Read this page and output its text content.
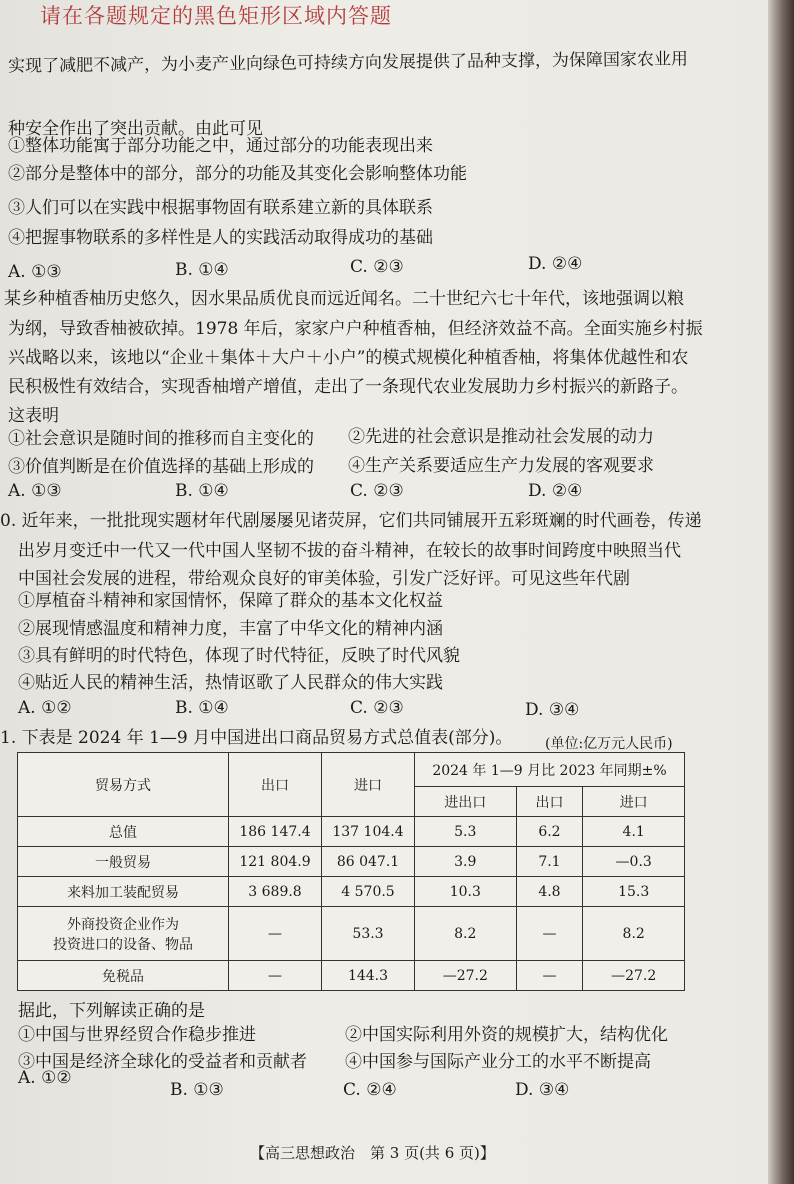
请在各题规定的黑色矩形区域内答题
实现了减肥不减产，为小麦产业向绿色可持续方向发展提供了品种支撑，为保障国家农业用
种安全作出了突出贡献。由此可见
①整体功能寓于部分功能之中，通过部分的功能表现出来
②部分是整体中的部分，部分的功能及其变化会影响整体功能
③人们可以在实践中根据事物固有联系建立新的具体联系
④把握事物联系的多样性是人的实践活动取得成功的基础
A. ①③	B. ①④	C. ②③	D. ②④
某乡种植香柚历史悠久，因水果品质优良而远近闻名。二十世纪六七十年代，该地强调以粮
为纲，导致香柚被砍掉。1978 年后，家家户户种植香柚，但经济效益不高。全面实施乡村振
兴战略以来，该地以“企业＋集体＋大户＋小户”的模式规模化种植香柚，将集体优越性和农
民积极性有效结合，实现香柚增产增值，走出了一条现代农业发展助力乡村振兴的新路子。
这表明
①社会意识是随时间的推移而自主变化的 ②先进的社会意识是推动社会发展的动力
③价值判断是在价值选择的基础上形成的 ④生产关系要适应生产力发展的客观要求
A. ①③	B. ①④	C. ②③	D. ②④
0. 近年来，一批批现实题材年代剧屡屡见诸荧屏，它们共同铺展开五彩斑斓的时代画卷，传递
出岁月变迁中一代又一代中国人坚韧不拔的奋斗精神，在较长的故事时间跨度中映照当代
中国社会发展的进程，带给观众良好的审美体验，引发广泛好评。可见这些年代剧
①厚植奋斗精神和家国情怀，保障了群众的基本文化权益
②展现情感温度和精神力度，丰富了中华文化的精神内涵
③具有鲜明的时代特色，体现了时代特征，反映了时代风貌
④贴近人民的精神生活，热情讴歌了人民群众的伟大实践
A. ①②	B. ①④	C. ②③	D. ③④
1. 下表是 2024 年 1—9 月中国进出口商品贸易方式总值表(部分)。 (单位:亿万元人民币)
贸易方式	出口	进口	2024 年 1—9 月比 2023 年同期±%		
			进出口	出口	进口
总值	186 147.4	137 104.4	5.3	6.2	4.1
一般贸易	121 804.9	86 047.1	3.9	7.1	—0.3
来料加工装配贸易	3 689.8	4 570.5	10.3	4.8	15.3

外商投资企业作为
投资进口的设备、物品	—	53.3	8.2	—	8.2
免税品	—	144.3	—27.2	—	—27.2
据此，下列解读正确的是
①中国与世界经贸合作稳步推进	②中国实际利用外资的规模扩大，结构优化
③中国是经济全球化的受益者和贡献者 ④中国参与国际产业分工的水平不断提高
A. ①②
B. ①③	C. ②④	D. ③④
【高三思想政治　第 3 页(共 6 页)】
